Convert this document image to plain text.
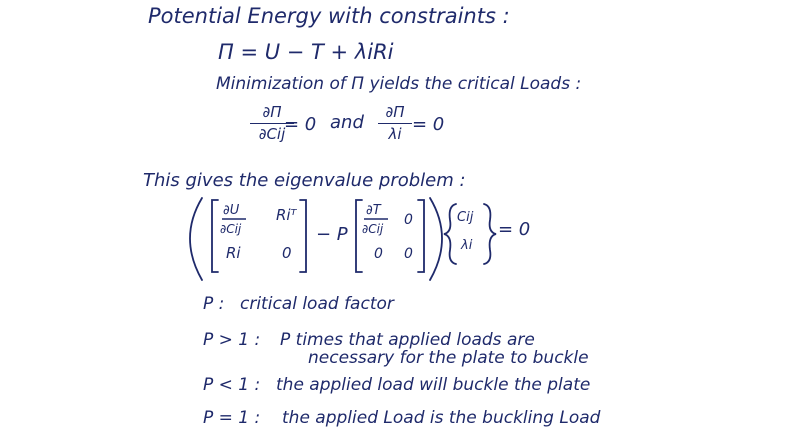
Potential Energy with constraints :
Π = U − T + λiRi
Minimization of Π yields the critical Loads :
∂Π
∂Cij
= 0 and	∂Π
λi = 0
This gives the eigenvalue problem :
∂U
∂Cij
Riᵀ
Ri	0
− P
∂T
∂Cij
0
0 0
Cij
λi
= 0
P : critical load factor
P > 1 : P times that applied loads are
necessary for the plate to buckle
P < 1 : the applied load will buckle the plate
P = 1 : the applied Load is the buckling Load
